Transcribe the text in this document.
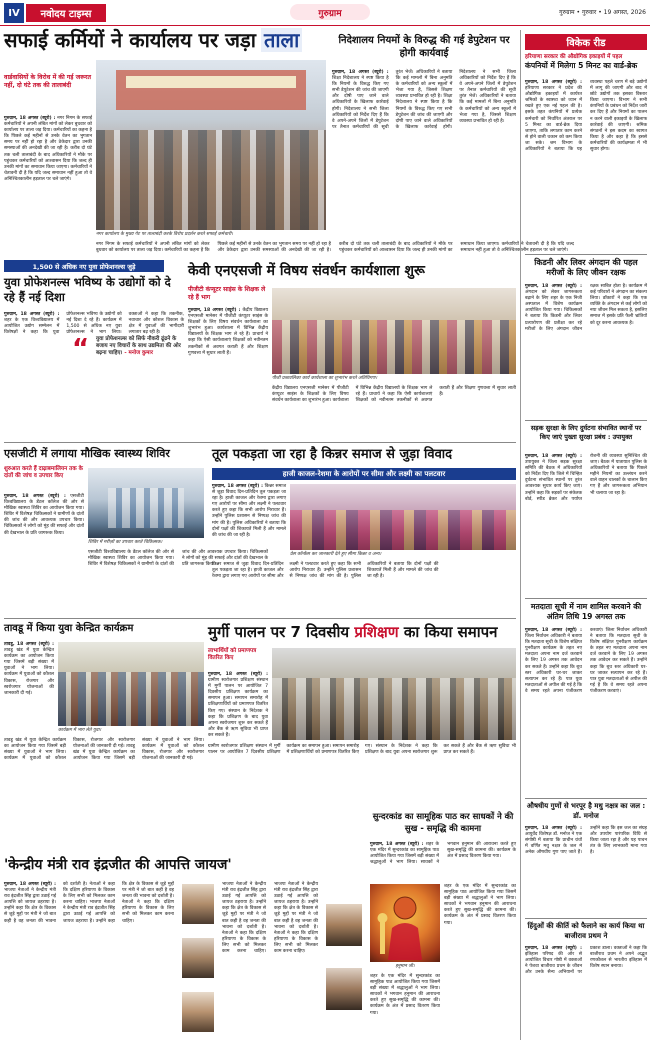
IV नवोदय टाइम्स	गुरुग्राम	गुरुग्राम • गुरुवार • 19 अगस्त, 2026
सफाई कर्मियों ने कार्यालय पर जड़ा ताला
वार्डवासियों के विरोध में की गई जरूरत नहीं, दो घंटे तक की तालाबंदी
गुरुग्राम, 18 अगस्त (ब्यूरो) : नगर निगम के सफाई कर्मचारियों ने अपनी लंबित मांगों को लेकर बुधवार को कार्यालय पर ताला जड़ दिया। कर्मचारियों का कहना है कि पिछले कई महीनों से उनके वेतन का भुगतान समय पर नहीं हो रहा है और ठेकेदार द्वारा उनकी समस्याओं की अनदेखी की जा रही है। करीब दो घंटे तक चली तालाबंदी के बाद अधिकारियों ने मौके पर पहुंचकर कर्मचारियों को आश्वासन दिया कि जल्द ही उनकी मांगों का समाधान किया जाएगा। कर्मचारियों ने चेतावनी दी है कि यदि जल्द समाधान नहीं हुआ तो वे अनिश्चितकालीन हड़ताल पर चले जाएंगे।
नगर कार्यालय के मुख्य गेट पर तालाबंदी करके विरोध प्रदर्शन करते सफाई कर्मचारी।
नगर निगम के सफाई कर्मचारियों ने अपनी लंबित मांगों को लेकर बुधवार को कार्यालय पर ताला जड़ दिया। कर्मचारियों का कहना है कि पिछले कई महीनों से उनके वेतन का भुगतान समय पर नहीं हो रहा है और ठेकेदार द्वारा उनकी समस्याओं की अनदेखी की जा रही है। करीब दो घंटे तक चली तालाबंदी के बाद अधिकारियों ने मौके पर पहुंचकर कर्मचारियों को आश्वासन दिया कि जल्द ही उनकी मांगों का समाधान किया जाएगा। कर्मचारियों ने चेतावनी दी है कि यदि जल्द समाधान नहीं हुआ तो वे अनिश्चितकालीन हड़ताल पर चले जाएंगे।
निदेशालय नियमों के विरुद्ध की गई डेपुटेशन पर होगी कार्यवाई
गुरुग्राम, 18 अगस्त (ब्यूरो) : शिक्षा निदेशालय ने स्पष्ट किया है कि नियमों के विरुद्ध किए गए सभी डेपुटेशन की जांच की जाएगी और दोषी पाए जाने वाले अधिकारियों के खिलाफ कार्रवाई होगी। निदेशालय ने सभी जिला अधिकारियों को निर्देश दिए हैं कि वे अपने-अपने जिलों में डेपुटेशन पर तैनात कर्मचारियों की सूची तुरंत भेजें। अधिकारियों ने बताया कि कई मामलों में बिना अनुमति के कर्मचारियों को अन्य स्कूलों में भेजा गया है, जिससे शिक्षण व्यवस्था प्रभावित हो रही है। शिक्षा निदेशालय ने स्पष्ट किया है कि नियमों के विरुद्ध किए गए सभी डेपुटेशन की जांच की जाएगी और दोषी पाए जाने वाले अधिकारियों के खिलाफ कार्रवाई होगी। निदेशालय ने सभी जिला अधिकारियों को निर्देश दिए हैं कि वे अपने-अपने जिलों में डेपुटेशन पर तैनात कर्मचारियों की सूची तुरंत भेजें। अधिकारियों ने बताया कि कई मामलों में बिना अनुमति के कर्मचारियों को अन्य स्कूलों में भेजा गया है, जिससे शिक्षण व्यवस्था प्रभावित हो रही है।
विकेक रीड
हरियाणा सरकार की औद्योगिक इकाइयों में पहल
कंपनियों में मिलेगा 5 मिनट का वार्ड-ब्रेक
गुरुग्राम, 18 अगस्त (ब्यूरो) : हरियाणा सरकार ने प्रदेश की औद्योगिक इकाइयों में कार्यरत श्रमिकों के स्वास्थ्य को ध्यान में रखते हुए एक नई पहल की है। इसके तहत कंपनियों में प्रत्येक कर्मचारी को निर्धारित अंतराल पर 5 मिनट का वार्ड-ब्रेक दिया जाएगा, ताकि लगातार काम करने से होने वाली थकान को कम किया जा सके। श्रम विभाग के अधिकारियों ने बताया कि यह व्यवस्था पहले चरण में बड़े उद्योगों में लागू की जाएगी और बाद में छोटे उद्योगों तक इसका विस्तार किया जाएगा। विभाग ने सभी कंपनियों के प्रबंधन को निर्देश जारी कर दिए हैं और नियमों का पालन न करने वाली इकाइयों के खिलाफ कार्रवाई की जाएगी। श्रमिक संगठनों ने इस कदम का स्वागत किया है और कहा है कि इससे कर्मचारियों की कार्यक्षमता में भी सुधार होगा।
किडनी और लिवर अंगदान की पहल मरीजों के लिए जीवन रक्षक
गुरुग्राम, 18 अगस्त (ब्यूरो) : अंगदान को लेकर जागरूकता बढ़ाने के लिए शहर के एक निजी अस्पताल में विशेष कार्यक्रम आयोजित किया गया। चिकित्सकों ने बताया कि किडनी और लिवर प्रत्यारोपण की प्रतीक्षा कर रहे मरीजों के लिए अंगदान जीवन रक्षक साबित होता है। कार्यक्रम में कई परिवारों ने अंगदान का संकल्प लिया। डॉक्टरों ने कहा कि एक व्यक्ति के अंगदान से कई लोगों को नया जीवन मिल सकता है, इसलिए समाज में इसके प्रति फैली भ्रांतियों को दूर करना आवश्यक है।
सड़क सुरक्षा के लिए दुर्घटना संभावित स्थानों पर किए जाएं पुख्ता सुरक्षा प्रबंध : उपायुक्त
गुरुग्राम, 18 अगस्त (ब्यूरो) : उपायुक्त ने जिला सड़क सुरक्षा समिति की बैठक में अधिकारियों को निर्देश दिए कि जिले में चिन्हित दुर्घटना संभावित स्थानों पर तुरंत आवश्यक सुधार कार्य किए जाएं। उन्होंने कहा कि सड़कों पर संकेतक बोर्ड, स्पीड ब्रेकर और पर्याप्त रोशनी की व्यवस्था सुनिश्चित की जाए। बैठक में यातायात पुलिस के अधिकारियों ने बताया कि पिछले महीने नियमों का उल्लंघन करने वाले वाहन चालकों के चालान किए गए हैं और जागरूकता अभियान भी चलाया जा रहा है।
मतदाता सूची में नाम शामिल करवाने की अंतिम तिथि 19 अगस्त तक
गुरुग्राम, 18 अगस्त (ब्यूरो) : जिला निर्वाचन अधिकारी ने बताया कि मतदाता सूची के विशेष संक्षिप्त पुनरीक्षण कार्यक्रम के तहत नए मतदाता अपना नाम दर्ज करवाने के लिए 19 अगस्त तक आवेदन कर सकते हैं। उन्होंने कहा कि बूथ स्तर अधिकारी घर-घर जाकर सत्यापन कर रहे हैं। पात्र युवा मतदाताओं से अपील की गई है कि वे समय रहते अपना पंजीकरण करवाएं। जिला निर्वाचन अधिकारी ने बताया कि मतदाता सूची के विशेष संक्षिप्त पुनरीक्षण कार्यक्रम के तहत नए मतदाता अपना नाम दर्ज करवाने के लिए 19 अगस्त तक आवेदन कर सकते हैं। उन्होंने कहा कि बूथ स्तर अधिकारी घर-घर जाकर सत्यापन कर रहे हैं। पात्र युवा मतदाताओं से अपील की गई है कि वे समय रहते अपना पंजीकरण करवाएं।
औषधीय गुणों से भरपूर है मधु नक्षत्र का जल : डॉ. मनोज
गुरुग्राम, 18 अगस्त (ब्यूरो) : आयुर्वेद विशेषज्ञ डॉ. मनोज ने एक संगोष्ठी में बताया कि प्राचीन ग्रंथों में वर्णित मधु नक्षत्र के जल में अनेक औषधीय गुण पाए जाते हैं। उन्होंने कहा कि इस जल का संग्रह और उपयोग पारंपरिक विधि से किया जाता रहा है और यह पाचन तंत्र के लिए लाभकारी माना गया है।
हिंदुओं की कीर्ति को फैलाने का कार्य किया था बाजीराव प्रथम ने
गुरुग्राम, 18 अगस्त (ब्यूरो) : इतिहास परिषद की ओर से आयोजित विचार गोष्ठी में वक्ताओं ने पेशवा बाजीराव प्रथम के जीवन और उनके सैन्य अभियानों पर प्रकाश डाला। वक्ताओं ने कहा कि बाजीराव प्रथम ने अपने अद्भुत रणकौशल से भारतीय इतिहास में विशेष स्थान बनाया।
1,500 से अधिक नए युवा प्रोफेशनल्स जुड़े
युवा प्रोफेशनल्स भविष्य के उद्योगों को दे रहे हैं नई दिशा
गुरुग्राम, 18 अगस्त (ब्यूरो) : शहर के एक विश्वविद्यालय में आयोजित उद्योग सम्मेलन में विशेषज्ञों ने कहा कि युवा प्रोफेशनल्स भविष्य के उद्योगों को नई दिशा दे रहे हैं। कार्यक्रम में 1,500 से अधिक नए युवा प्रोफेशनल्स ने भाग लिया। वक्ताओं ने कहा कि तकनीक, नवाचार और कौशल विकास के क्षेत्र में युवाओं की भागीदारी लगातार बढ़ रही है।
“	युवा प्रोफेशनल्स को सिर्फ नौकरी ढूंढने के बजाय नए विचारों के साथ उद्यमिता की ओर बढ़ना चाहिए। - मनोज कुमार
केवी एनएसजी में विषय संवर्धन कार्यशाला शुरू
पीजीटी कंप्यूटर साइंस के शिक्षक ले रहे हैं भाग
गुरुग्राम, 18 अगस्त (ब्यूरो) : केंद्रीय विद्यालय एनएसजी मानेसर में पीजीटी कंप्यूटर साइंस के शिक्षकों के लिए विषय संवर्धन कार्यशाला का शुभारंभ हुआ। कार्यशाला में विभिन्न केंद्रीय विद्यालयों के शिक्षक भाग ले रहे हैं। प्राचार्य ने कहा कि ऐसी कार्यशालाएं शिक्षकों को नवीनतम तकनीकों से अवगत कराती हैं और शिक्षण गुणवत्ता में सुधार लाती हैं।
पीजी प्रश्नावलिका कार्य कार्यशाला का शुभारंभ करते अतिथिगण।
केंद्रीय विद्यालय एनएसजी मानेसर में पीजीटी कंप्यूटर साइंस के शिक्षकों के लिए विषय संवर्धन कार्यशाला का शुभारंभ हुआ। कार्यशाला में विभिन्न केंद्रीय विद्यालयों के शिक्षक भाग ले रहे हैं। प्राचार्य ने कहा कि ऐसी कार्यशालाएं शिक्षकों को नवीनतम तकनीकों से अवगत कराती हैं और शिक्षण गुणवत्ता में सुधार लाती हैं।
एसजीटी में लगाया मौखिक स्वास्थ्य शिविर
शुरुआत करते हैं दाढ़ाबमालियन तक के दांतों की जांच व उपचार किए
गुरुग्राम, 18 अगस्त (ब्यूरो) : एसजीटी विश्वविद्यालय के डेंटल कॉलेज की ओर से मौखिक स्वास्थ्य शिविर का आयोजन किया गया। शिविर में विशेषज्ञ चिकित्सकों ने ग्रामीणों के दांतों की जांच की और आवश्यक उपचार किया। चिकित्सकों ने लोगों को मुंह की सफाई और दांतों की देखभाल के प्रति जागरूक किया।
शिविर में मरीज़ों का उपचार करते चिकित्सक।
एसजीटी विश्वविद्यालय के डेंटल कॉलेज की ओर से मौखिक स्वास्थ्य शिविर का आयोजन किया गया। शिविर में विशेषज्ञ चिकित्सकों ने ग्रामीणों के दांतों की जांच की और आवश्यक उपचार किया। चिकित्सकों ने लोगों को मुंह की सफाई और दांतों की देखभाल के प्रति जागरूक किया।
तूल पकड़ता जा रहा है किन्नर समाज से जुड़ा विवाद
हाजी काजल-रेशमा के आरोपों पर सीमा और लक्ष्मी का पलटवार
गुरुग्राम, 18 अगस्त (ब्यूरो) : किन्नर समाज से जुड़ा विवाद दिन-प्रतिदिन तूल पकड़ता जा रहा है। हाजी काजल और रेशमा द्वारा लगाए गए आरोपों पर सीमा और लक्ष्मी ने पलटवार करते हुए कहा कि सभी आरोप निराधार हैं। उन्होंने पुलिस प्रशासन से निष्पक्ष जांच की मांग की है। पुलिस अधिकारियों ने बताया कि दोनों पक्षों की शिकायतें मिली हैं और मामले की जांच की जा रही है।
प्रेस कॉन्फ्रेंस कर जानकारी देते हुए सीमा किन्नर व अन्य।
किन्नर समाज से जुड़ा विवाद दिन-प्रतिदिन तूल पकड़ता जा रहा है। हाजी काजल और रेशमा द्वारा लगाए गए आरोपों पर सीमा और लक्ष्मी ने पलटवार करते हुए कहा कि सभी आरोप निराधार हैं। उन्होंने पुलिस प्रशासन से निष्पक्ष जांच की मांग की है। पुलिस अधिकारियों ने बताया कि दोनों पक्षों की शिकायतें मिली हैं और मामले की जांच की जा रही है।
तावडू में किया युवा केन्द्रित कार्यक्रम
तावडू, 18 अगस्त (ब्यूरो) : तावडू खंड में युवा केन्द्रित कार्यक्रम का आयोजन किया गया जिसमें बड़ी संख्या में युवाओं ने भाग लिया। कार्यक्रम में युवाओं को कौशल विकास, रोजगार और स्वरोजगार योजनाओं की जानकारी दी गई।
कार्यक्रम में भाग लेते युवा।
तावडू खंड में युवा केन्द्रित कार्यक्रम का आयोजन किया गया जिसमें बड़ी संख्या में युवाओं ने भाग लिया। कार्यक्रम में युवाओं को कौशल विकास, रोजगार और स्वरोजगार योजनाओं की जानकारी दी गई। तावडू खंड में युवा केन्द्रित कार्यक्रम का आयोजन किया गया जिसमें बड़ी संख्या में युवाओं ने भाग लिया। कार्यक्रम में युवाओं को कौशल विकास, रोजगार और स्वरोजगार योजनाओं की जानकारी दी गई।
मुर्गी पालन पर 7 दिवसीय प्रशिक्षण का किया समापन
लाभार्थियों को प्रमाणपत्र वितरित किए
गुरुग्राम, 18 अगस्त (ब्यूरो) : ग्रामीण स्वरोजगार प्रशिक्षण संस्थान में मुर्गी पालन पर आयोजित 7 दिवसीय प्रशिक्षण कार्यक्रम का समापन हुआ। समापन समारोह में प्रशिक्षणार्थियों को प्रमाणपत्र वितरित किए गए। संस्थान के निदेशक ने कहा कि प्रशिक्षण के बाद युवा अपना स्वरोजगार शुरू कर सकते हैं और बैंक से ऋण सुविधा भी प्राप्त कर सकते हैं।
ग्रामीण स्वरोजगार प्रशिक्षण संस्थान में मुर्गी पालन पर आयोजित 7 दिवसीय प्रशिक्षण कार्यक्रम का समापन हुआ। समापन समारोह में प्रशिक्षणार्थियों को प्रमाणपत्र वितरित किए गए। संस्थान के निदेशक ने कहा कि प्रशिक्षण के बाद युवा अपना स्वरोजगार शुरू कर सकते हैं और बैंक से ऋण सुविधा भी प्राप्त कर सकते हैं।
सुन्दरकांड का सामूहिक पाठ कर साधकों ने की सुख - समृद्धि की कामना
गुरुग्राम, 18 अगस्त (ब्यूरो) : शहर के एक मंदिर में सुन्दरकांड का सामूहिक पाठ आयोजित किया गया जिसमें बड़ी संख्या में श्रद्धालुओं ने भाग लिया। साधकों ने भगवान हनुमान की आराधना करते हुए सुख-समृद्धि की कामना की। कार्यक्रम के अंत में प्रसाद वितरण किया गया।
हनुमान जी।
शहर के एक मंदिर में सुन्दरकांड का सामूहिक पाठ आयोजित किया गया जिसमें बड़ी संख्या में श्रद्धालुओं ने भाग लिया। साधकों ने भगवान हनुमान की आराधना करते हुए सुख-समृद्धि की कामना की। कार्यक्रम के अंत में प्रसाद वितरण किया गया।
शहर के एक मंदिर में सुन्दरकांड का सामूहिक पाठ आयोजित किया गया जिसमें बड़ी संख्या में श्रद्धालुओं ने भाग लिया। साधकों ने भगवान हनुमान की आराधना करते हुए सुख-समृद्धि की कामना की। कार्यक्रम के अंत में प्रसाद वितरण किया गया।
'केन्द्रीय मंत्री राव इंद्रजीत की आपत्ति जायज'
गुरुग्राम, 18 अगस्त (ब्यूरो) : भाजपा नेताओं ने केन्द्रीय मंत्री राव इंद्रजीत सिंह द्वारा उठाई गई आपत्ति को जायज ठहराया है। उन्होंने कहा कि क्षेत्र के विकास से जुड़े मुद्दों पर मंत्री ने जो बात कही है वह जनता की भावना को दर्शाती है। नेताओं ने कहा कि दक्षिण हरियाणा के विकास के लिए सभी को मिलकर काम करना चाहिए। भाजपा नेताओं ने केन्द्रीय मंत्री राव इंद्रजीत सिंह द्वारा उठाई गई आपत्ति को जायज ठहराया है। उन्होंने कहा कि क्षेत्र के विकास से जुड़े मुद्दों पर मंत्री ने जो बात कही है वह जनता की भावना को दर्शाती है। नेताओं ने कहा कि दक्षिण हरियाणा के विकास के लिए सभी को मिलकर काम करना चाहिए।
भाजपा नेताओं ने केन्द्रीय मंत्री राव इंद्रजीत सिंह द्वारा उठाई गई आपत्ति को जायज ठहराया है। उन्होंने कहा कि क्षेत्र के विकास से जुड़े मुद्दों पर मंत्री ने जो बात कही है वह जनता की भावना को दर्शाती है। नेताओं ने कहा कि दक्षिण हरियाणा के विकास के लिए सभी को मिलकर काम करना चाहिए। भाजपा नेताओं ने केन्द्रीय मंत्री राव इंद्रजीत सिंह द्वारा उठाई गई आपत्ति को जायज ठहराया है। उन्होंने कहा कि क्षेत्र के विकास से जुड़े मुद्दों पर मंत्री ने जो बात कही है वह जनता की भावना को दर्शाती है। नेताओं ने कहा कि दक्षिण हरियाणा के विकास के लिए सभी को मिलकर काम करना चाहिए।
